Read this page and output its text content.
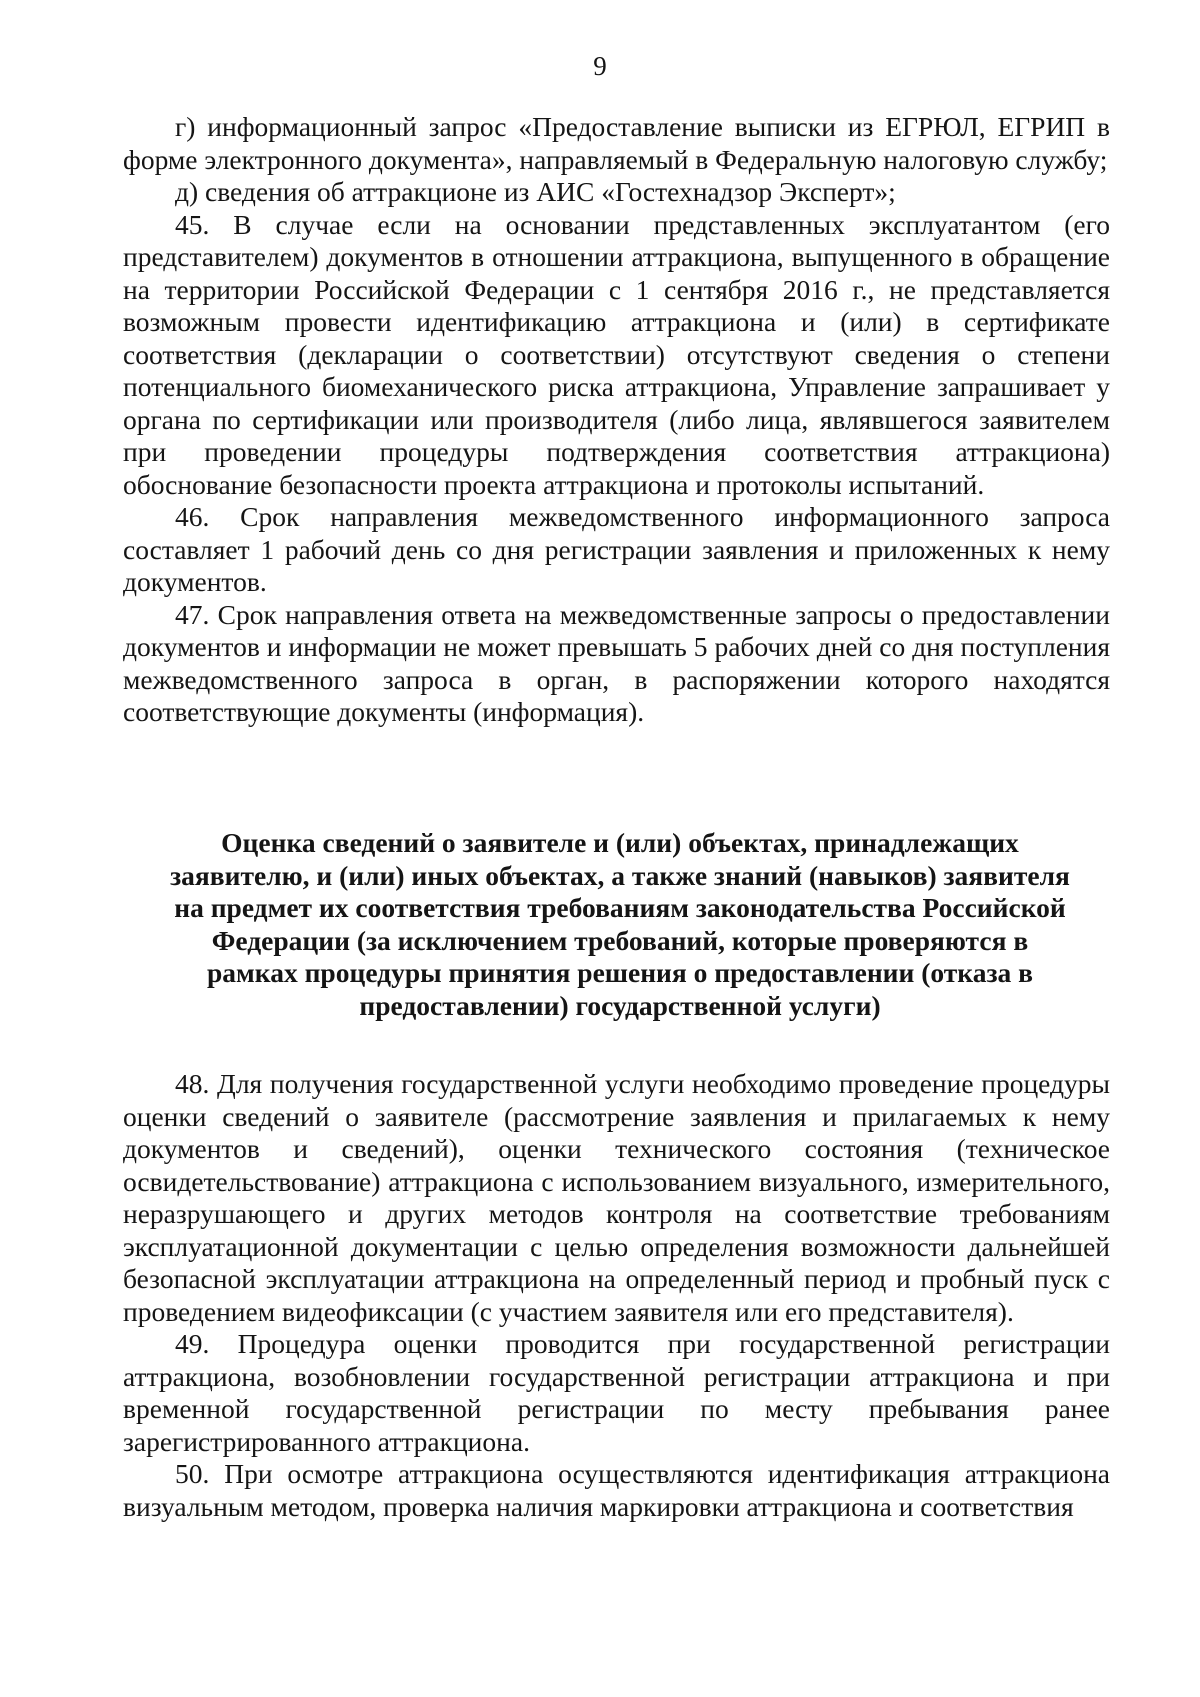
9

г) информационный запрос «Предоставление выписки из ЕГРЮЛ, ЕГРИП в форме электронного документа», направляемый в Федеральную налоговую службу;

д) сведения об аттракционе из АИС «Гостехнадзор Эксперт»;

45. В случае если на основании представленных эксплуатантом (его представителем) документов в отношении аттракциона, выпущенного в обращение на территории Российской Федерации с 1 сентября 2016 г., не представляется возможным провести идентификацию аттракциона и (или) в сертификате соответствия (декларации о соответствии) отсутствуют сведения о степени потенциального биомеханического риска аттракциона, Управление запрашивает у органа по сертификации или производителя (либо лица, являвшегося заявителем при проведении процедуры подтверждения соответствия аттракциона) обоснование безопасности проекта аттракциона и протоколы испытаний.

46. Срок направления межведомственного информационного запроса составляет 1 рабочий день со дня регистрации заявления и приложенных к нему документов.

47. Срок направления ответа на межведомственные запросы о предоставлении документов и информации не может превышать 5 рабочих дней со дня поступления межведомственного запроса в орган, в распоряжении которого находятся соответствующие документы (информация).

Оценка сведений о заявителе и (или) объектах, принадлежащих заявителю, и (или) иных объектах, а также знаний (навыков) заявителя на предмет их соответствия требованиям законодательства Российской Федерации (за исключением требований, которые проверяются в рамках процедуры принятия решения о предоставлении (отказа в предоставлении) государственной услуги)

48. Для получения государственной услуги необходимо проведение процедуры оценки сведений о заявителе (рассмотрение заявления и прилагаемых к нему документов и сведений), оценки технического состояния (техническое освидетельствование) аттракциона с использованием визуального, измерительного, неразрушающего и других методов контроля на соответствие требованиям эксплуатационной документации с целью определения возможности дальнейшей безопасной эксплуатации аттракциона на определенный период и пробный пуск с проведением видеофиксации (с участием заявителя или его представителя).

49. Процедура оценки проводится при государственной регистрации аттракциона, возобновлении государственной регистрации аттракциона и при временной государственной регистрации по месту пребывания ранее зарегистрированного аттракциона.

50. При осмотре аттракциона осуществляются идентификация аттракциона визуальным методом, проверка наличия маркировки аттракциона и соответствия
